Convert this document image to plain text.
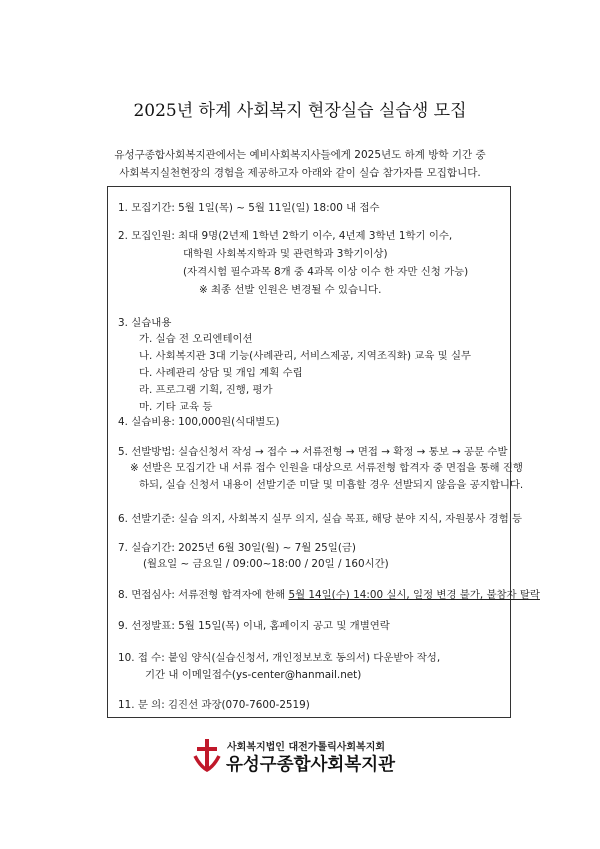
2025년 하계 사회복지 현장실습 실습생 모집
유성구종합사회복지관에서는 예비사회복지사들에게 2025년도 하계 방학 기간 중
사회복지실천현장의 경험을 제공하고자 아래와 같이 실습 참가자를 모집합니다.
1. 모집기간: 5월 1일(목) ~ 5월 11일(일) 18:00 내 접수
2. 모집인원: 최대 9명(2년제 1학년 2학기 이수, 4년제 3학년 1학기 이수,
대학원 사회복지학과 및 관련학과 3학기이상)
(자격시험 필수과목 8개 중 4과목 이상 이수 한 자만 신청 가능)
※ 최종 선발 인원은 변경될 수 있습니다.
3. 실습내용
가. 실습 전 오리엔테이션
나. 사회복지관 3대 기능(사례관리, 서비스제공, 지역조직화) 교육 및 실무
다. 사례관리 상담 및 개입 계획 수립
라. 프로그램 기획, 진행, 평가
마. 기타 교육 등
4. 실습비용: 100,000원(식대별도)
5. 선발방법: 실습신청서 작성 → 접수 → 서류전형 → 면접 → 확정 → 통보 → 공문 수발
※ 선발은 모집기간 내 서류 접수 인원을 대상으로 서류전형 합격자 중 면접을 통해 진행
하되, 실습 신청서 내용이 선발기준 미달 및 미흡할 경우 선발되지 않음을 공지합니다.
6. 선발기준: 실습 의지, 사회복지 실무 의지, 실습 목표, 해당 분야 지식, 자원봉사 경험 등
7. 실습기간: 2025년 6월 30일(월) ~ 7월 25일(금)
(월요일 ~ 금요일 / 09:00~18:00 / 20일 / 160시간)
8. 면접심사: 서류전형 합격자에 한해 5월 14일(수) 14:00 실시, 일정 변경 불가, 불참자 탈락
9. 선정발표: 5월 15일(목) 이내, 홈페이지 공고 및 개별연락
10. 접 수: 붙임 양식(실습신청서, 개인정보보호 동의서) 다운받아 작성,
기간 내 이메일접수(ys-center@hanmail.net)
11. 문 의: 김진선 과장(070-7600-2519)
사회복지법인 대전가톨릭사회복지회
유성구종합사회복지관
